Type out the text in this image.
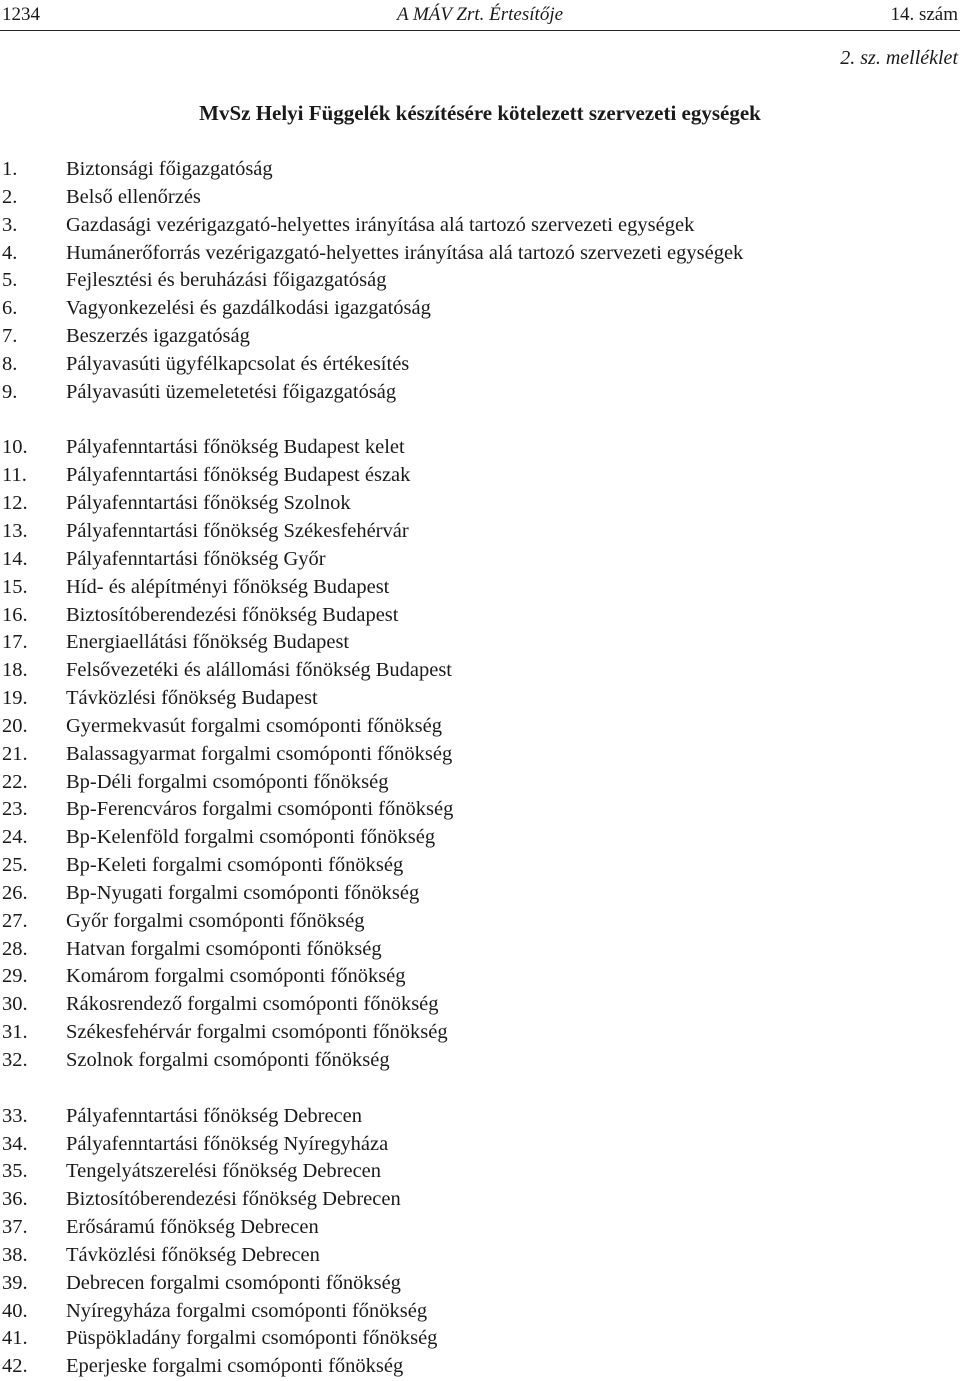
1234	A MÁV Zrt. Értesítője	14. szám
2. sz. melléklet
MvSz Helyi Függelék készítésére kötelezett szervezeti egységek
1. Biztonsági főigazgatóság
2. Belső ellenőrzés
3. Gazdasági vezérigazgató-helyettes irányítása alá tartozó szervezeti egységek
4. Humánerőforrás vezérigazgató-helyettes irányítása alá tartozó szervezeti egységek
5. Fejlesztési és beruházási főigazgatóság
6. Vagyonkezelési és gazdálkodási igazgatóság
7. Beszerzés igazgatóság
8. Pályavasúti ügyfélkapcsolat és értékesítés
9. Pályavasúti üzemeletetési főigazgatóság
10. Pályafenntartási főnökség Budapest kelet
11. Pályafenntartási főnökség Budapest észak
12. Pályafenntartási főnökség Szolnok
13. Pályafenntartási főnökség Székesfehérvár
14. Pályafenntartási főnökség Győr
15. Híd- és alépítményi főnökség Budapest
16. Biztosítóberendezési főnökség Budapest
17. Energiaellátási főnökség Budapest
18. Felsővezetéki és alállomási főnökség Budapest
19. Távközlési főnökség Budapest
20. Gyermekvasút forgalmi csomóponti főnökség
21. Balassagyarmat forgalmi csomóponti főnökség
22. Bp-Déli forgalmi csomóponti főnökség
23. Bp-Ferencváros forgalmi csomóponti főnökség
24. Bp-Kelenföld forgalmi csomóponti főnökség
25. Bp-Keleti forgalmi csomóponti főnökség
26. Bp-Nyugati forgalmi csomóponti főnökség
27. Győr forgalmi csomóponti főnökség
28. Hatvan forgalmi csomóponti főnökség
29. Komárom forgalmi csomóponti főnökség
30. Rákosrendező forgalmi csomóponti főnökség
31. Székesfehérvár forgalmi csomóponti főnökség
32. Szolnok forgalmi csomóponti főnökség
33. Pályafenntartási főnökség Debrecen
34. Pályafenntartási főnökség Nyíregyháza
35. Tengelyátszerelési főnökség Debrecen
36. Biztosítóberendezési főnökség Debrecen
37. Erősáramú főnökség Debrecen
38. Távközlési főnökség Debrecen
39. Debrecen forgalmi csomóponti főnökség
40. Nyíregyháza forgalmi csomóponti főnökség
41. Püspökladány forgalmi csomóponti főnökség
42. Eperjeske forgalmi csomóponti főnökség
